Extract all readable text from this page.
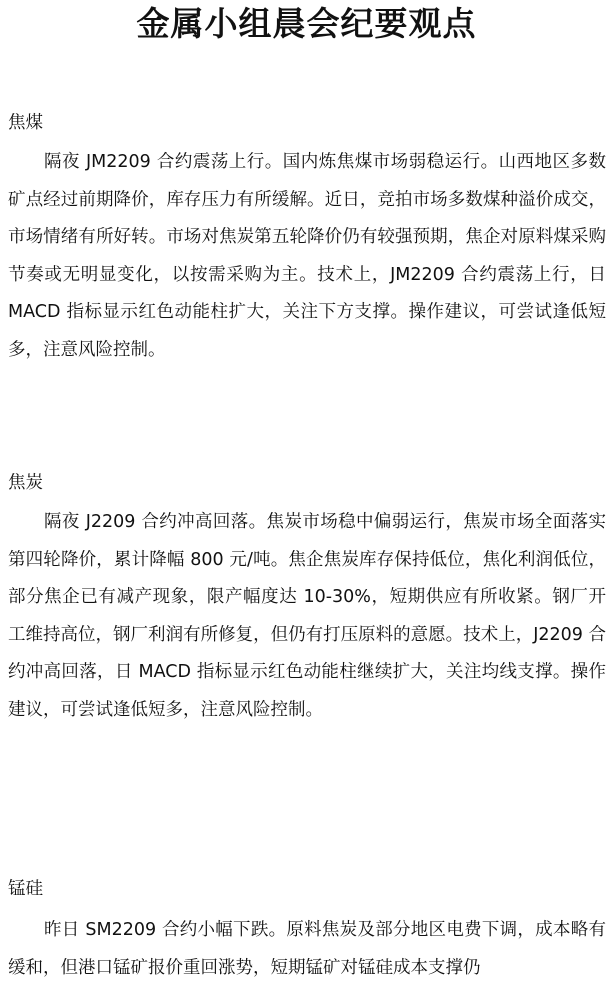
金属小组晨会纪要观点
焦煤

隔夜 JM2209 合约震荡上行。国内炼焦煤市场弱稳运行。山西地区多数矿点经过前期降价，库存压力有所缓解。近日，竞拍市场多数煤种溢价成交，市场情绪有所好转。市场对焦炭第五轮降价仍有较强预期，焦企对原料煤采购节奏或无明显变化，以按需采购为主。技术上，JM2209 合约震荡上行，日 MACD 指标显示红色动能柱扩大，关注下方支撑。操作建议，可尝试逢低短多，注意风险控制。

焦炭

隔夜 J2209 合约冲高回落。焦炭市场稳中偏弱运行，焦炭市场全面落实第四轮降价，累计降幅 800 元/吨。焦企焦炭库存保持低位，焦化利润低位，部分焦企已有减产现象，限产幅度达 10-30%，短期供应有所收紧。钢厂开工维持高位，钢厂利润有所修复，但仍有打压原料的意愿。技术上，J2209 合约冲高回落，日 MACD 指标显示红色动能柱继续扩大，关注均线支撑。操作建议，可尝试逢低短多，注意风险控制。

锰硅

昨日 SM2209 合约小幅下跌。原料焦炭及部分地区电费下调，成本略有缓和，但港口锰矿报价重回涨势，短期锰矿对锰硅成本支撑仍
